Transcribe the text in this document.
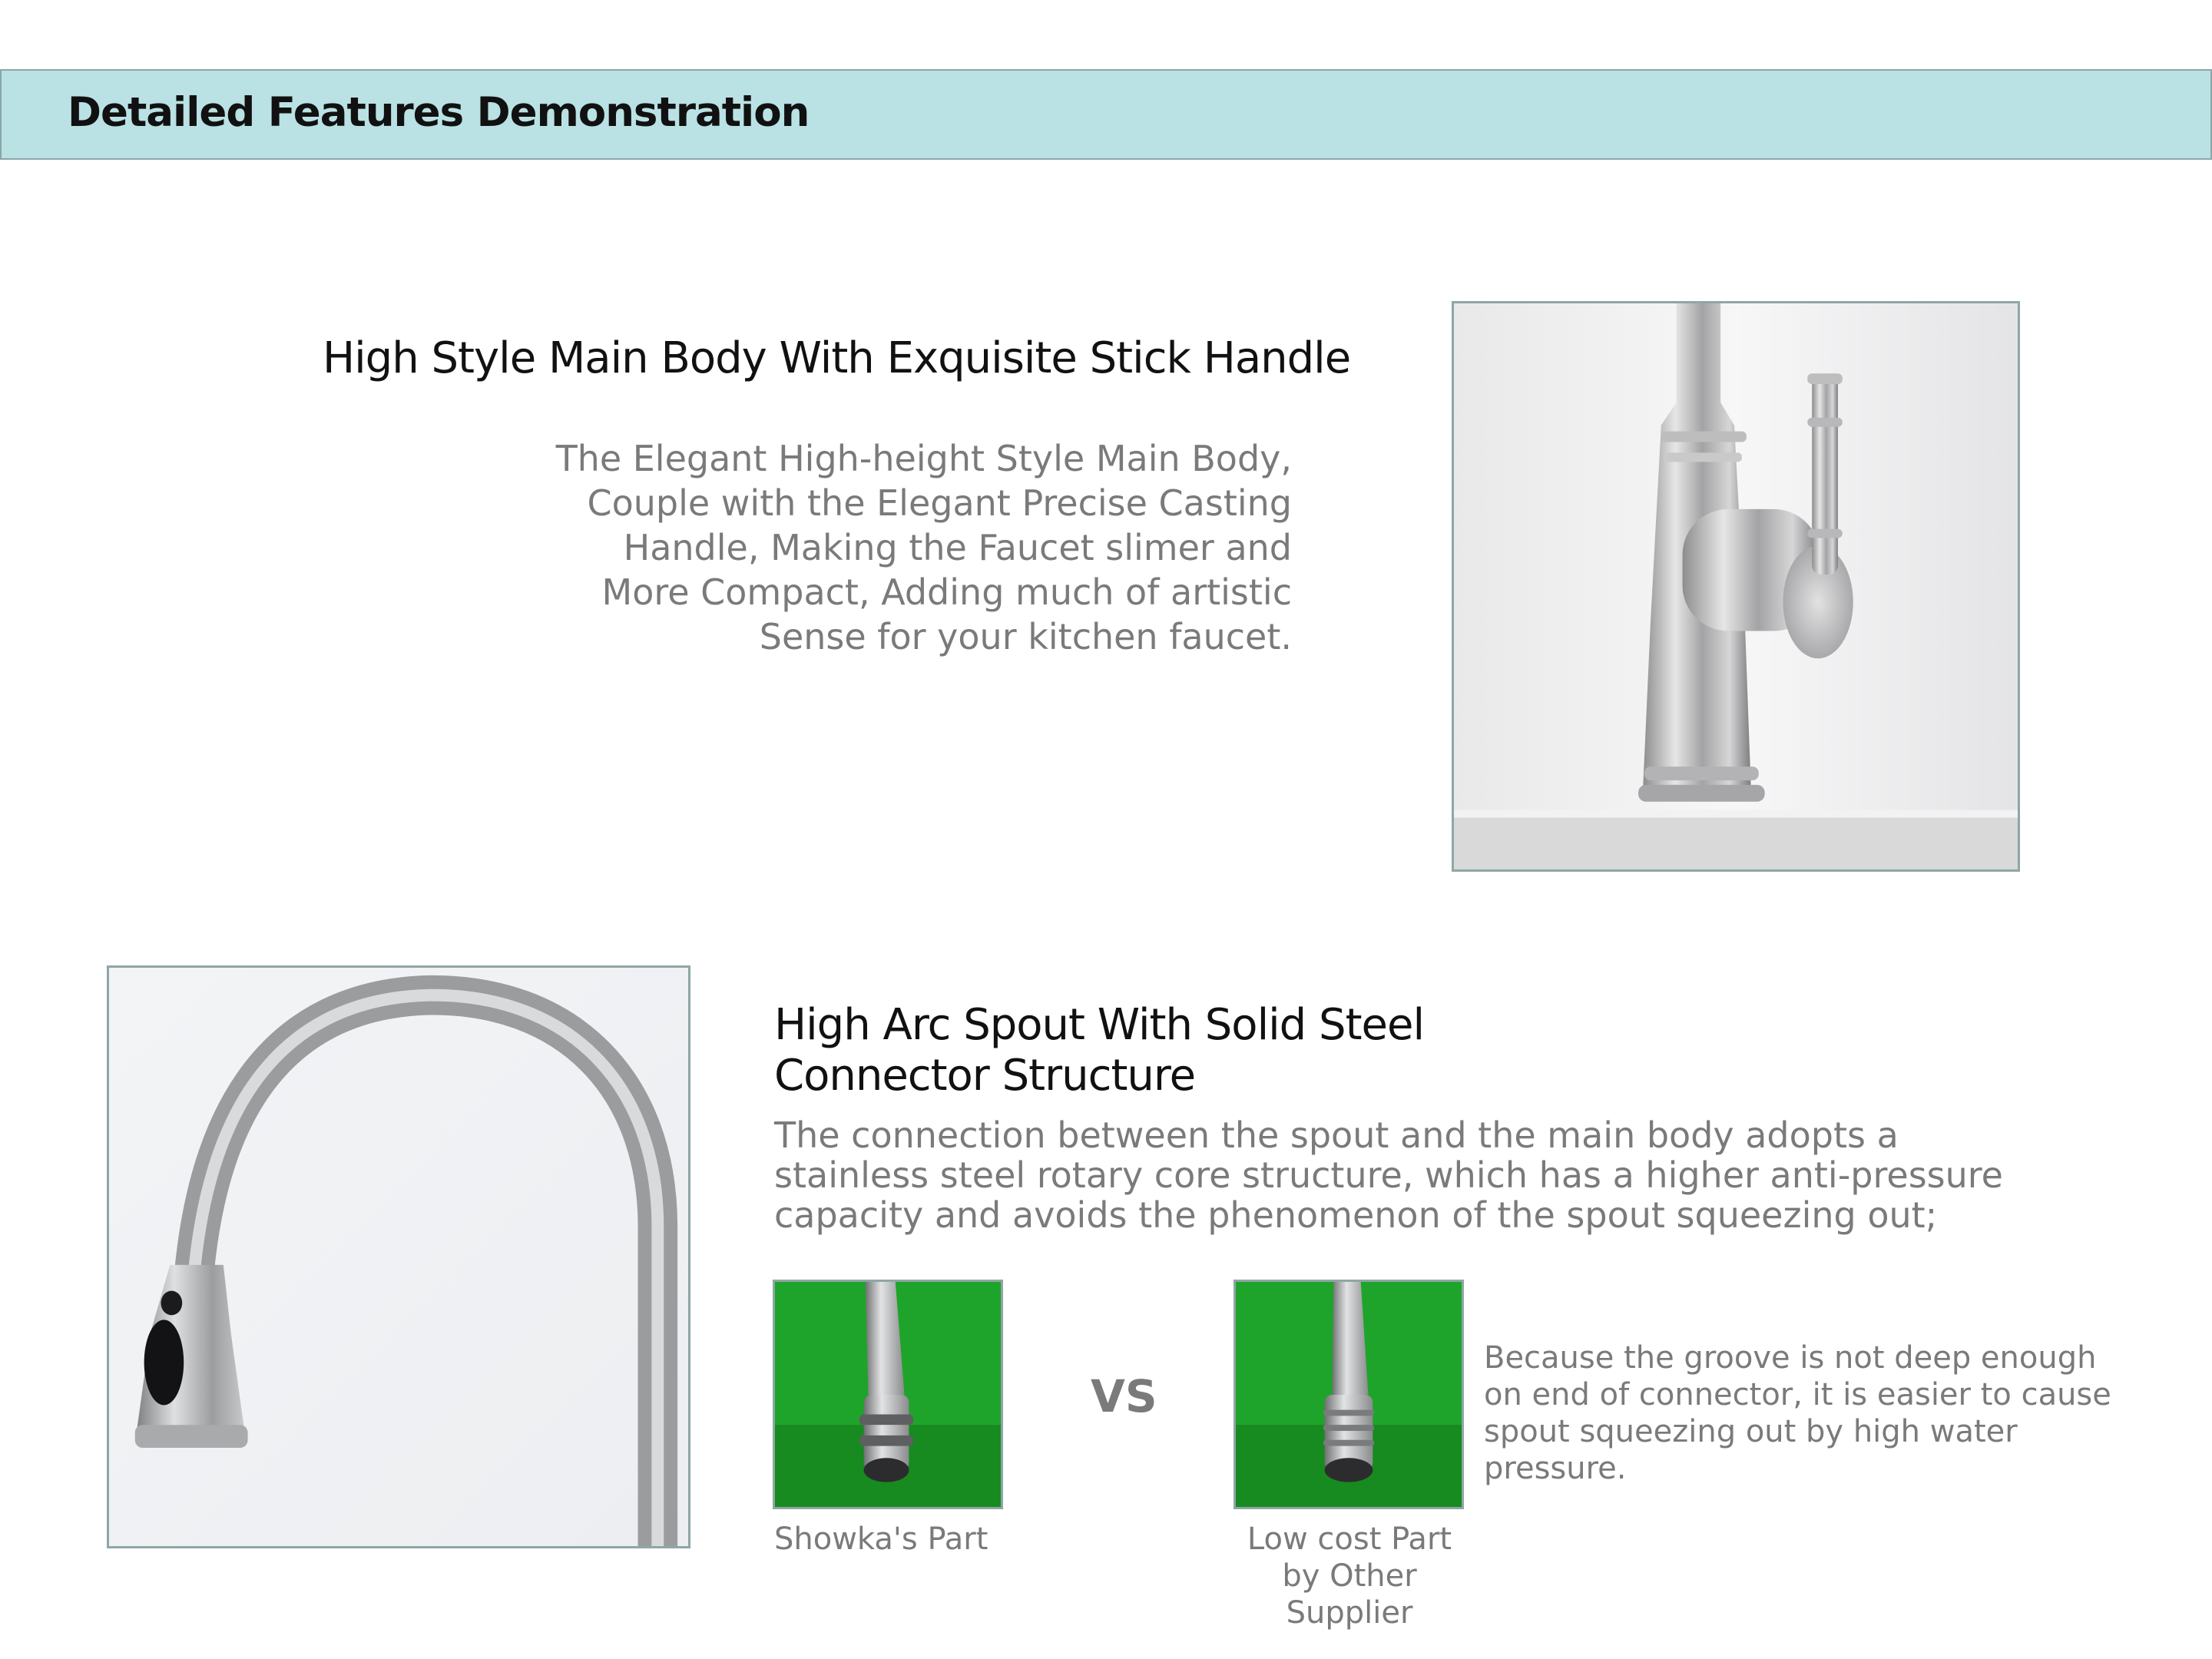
Detailed Features Demonstration
High Style Main Body With Exquisite Stick Handle

The Elegant High-height Style Main Body, Couple with the Elegant Precise Casting Handle, Making the Faucet slimer and More Compact, Adding much of artistic Sense for your kitchen faucet.

High Arc Spout With Solid Steel Connector Structure

The connection between the spout and the main body adopts a stainless steel rotary core structure, which has a higher anti-pressure capacity and avoids the phenomenon of the spout squeezing out;

Showka's Part

VS

Low cost Part by Other Supplier

Because the groove is not deep enough on end of connector, it is easier to cause spout squeezing out by high water pressure.
